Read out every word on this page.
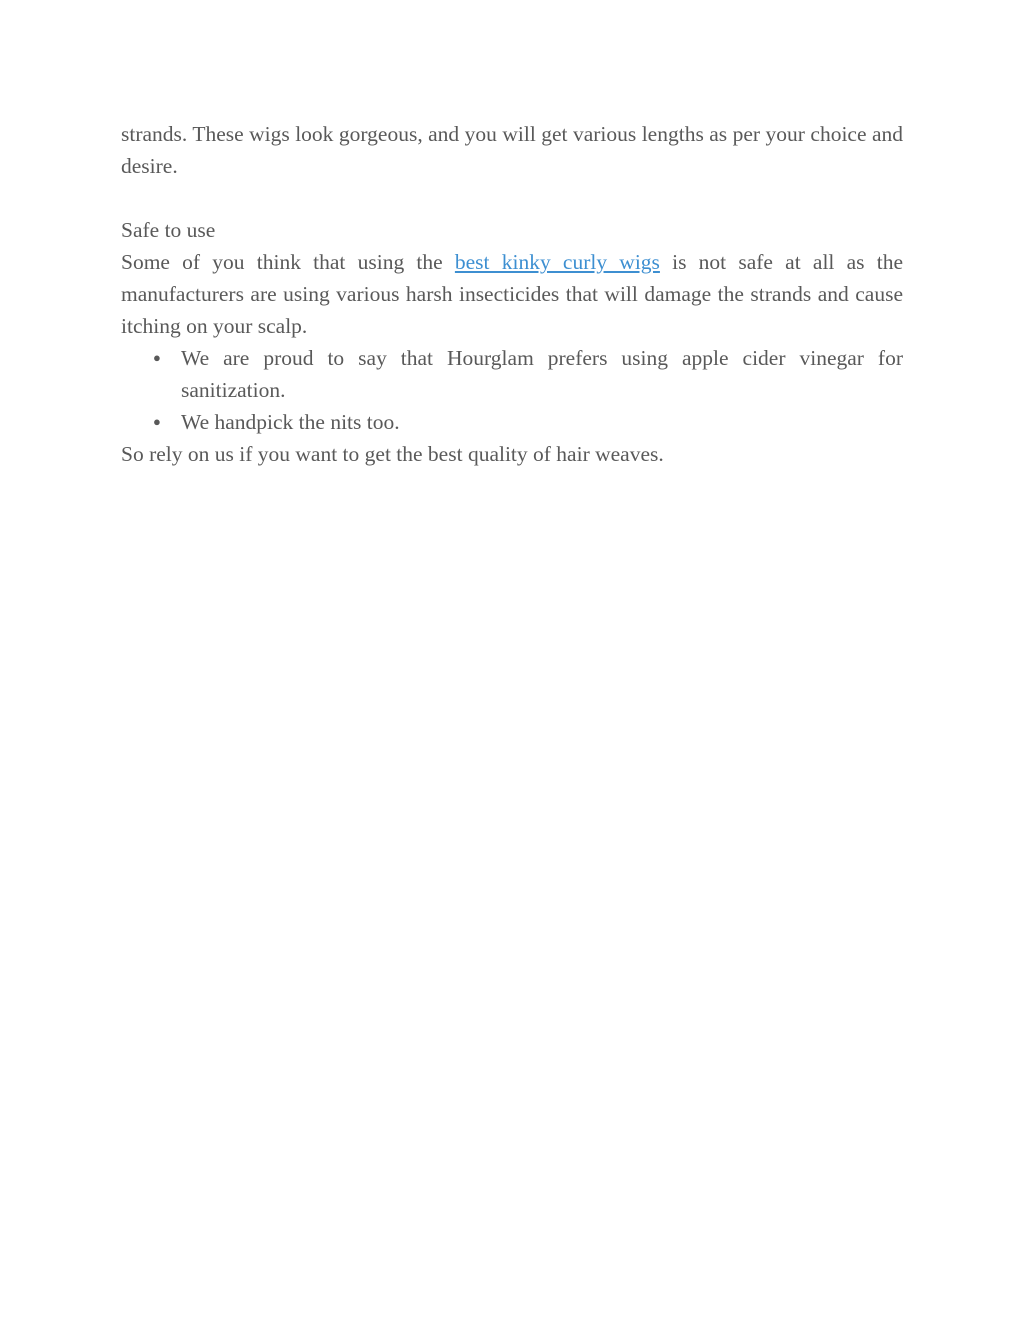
strands. These wigs look gorgeous, and you will get various lengths as per your choice and desire.

Safe to use

Some of you think that using the best kinky curly wigs is not safe at all as the manufacturers are using various harsh insecticides that will damage the strands and cause itching on your scalp.

● We are proud to say that Hourglam prefers using apple cider vinegar for sanitization.
● We handpick the nits too.

So rely on us if you want to get the best quality of hair weaves.
